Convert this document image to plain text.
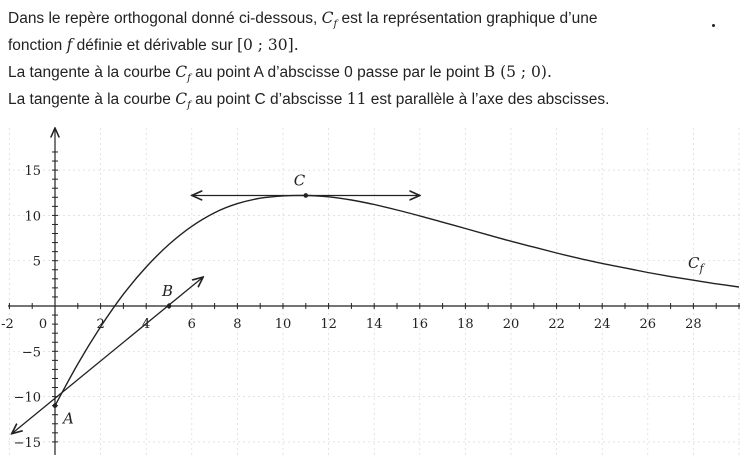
Dans le repère orthogonal donné ci-dessous, $C_f$ est la représentation graphique d’une
fonction f définie et dérivable sur [0 ; 30].
La tangente à la courbe $C_f$ au point A d’abscisse 0 passe par le point B (5 ; 0).
La tangente à la courbe $C_f$ au point C d’abscisse 11 est parallèle à l’axe des abscisses.
-2 0	2	4	6	8	10 12 14 16 18 20 22 24 26 28
15
10
5
−5
−10
−15
A
B
C
$C_f$
